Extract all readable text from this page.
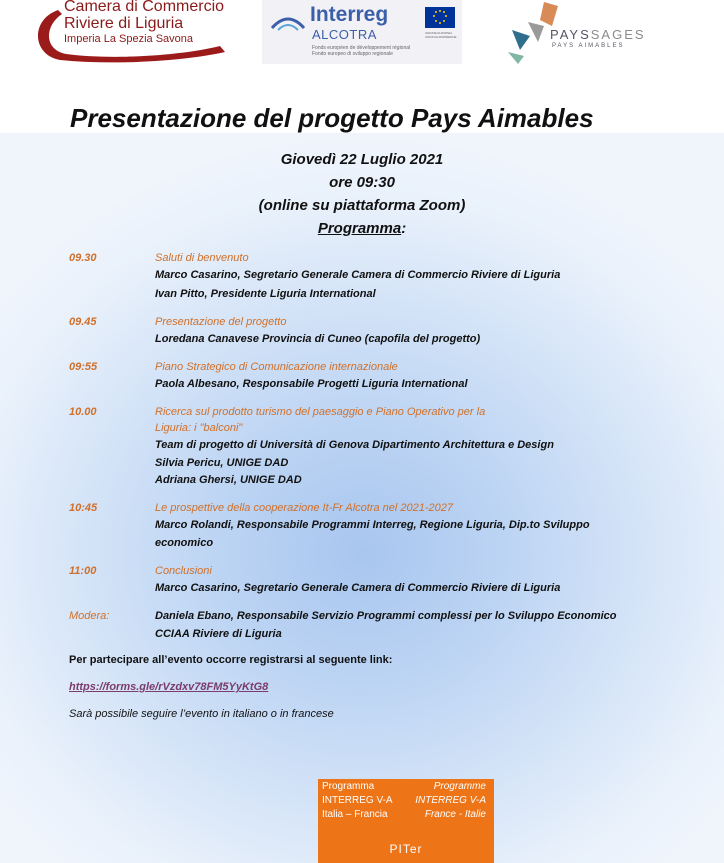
Camera di Commercio
Riviere di Liguria
Imperia La Spezia Savona
Interreg
ALCOTRA
Fonds européen de développement régional
Fondo europeo di sviluppo regionale
UNIONE EUROPEA
UNION EUROPÉENNE	PAYSSAGES
PAYS AIMABLES
Presentazione del progetto Pays Aimables
Giovedì 22 Luglio 2021
ore 09:30
(online su piattaforma Zoom)
Programma:
09.30	Saluti di benvenuto
Marco Casarino, Segretario Generale Camera di Commercio Riviere di Liguria
Ivan Pitto, Presidente Liguria International
09.45	Presentazione del progetto
Loredana Canavese Provincia di Cuneo (capofila del progetto)
09:55	Piano Strategico di Comunicazione internazionale
Paola Albesano, Responsabile Progetti Liguria International
10.00	Ricerca sul prodotto turismo del paesaggio e Piano Operativo per la
Liguria: i "balconi"
Team di progetto di Università di Genova Dipartimento Architettura e Design
Silvia Pericu, UNIGE DAD
Adriana Ghersi, UNIGE DAD
10:45	Le prospettive della cooperazione It-Fr Alcotra nel 2021-2027
Marco Rolandi, Responsabile Programmi Interreg, Regione Liguria, Dip.to Sviluppo
economico
11:00	Conclusioni
Marco Casarino, Segretario Generale Camera di Commercio Riviere di Liguria
Modera:	Daniela Ebano, Responsabile Servizio Programmi complessi per lo Sviluppo Economico
CCIAA Riviere di Liguria
Per partecipare all’evento occorre registrarsi al seguente link:
https://forms.gle/rVzdxv78FM5YyKtG8
Sarà possibile seguire l’evento in italiano o in francese
Programma
INTERREG V-A
Italia – Francia
Programme
INTERREG V-A
France - Italie
PITer
